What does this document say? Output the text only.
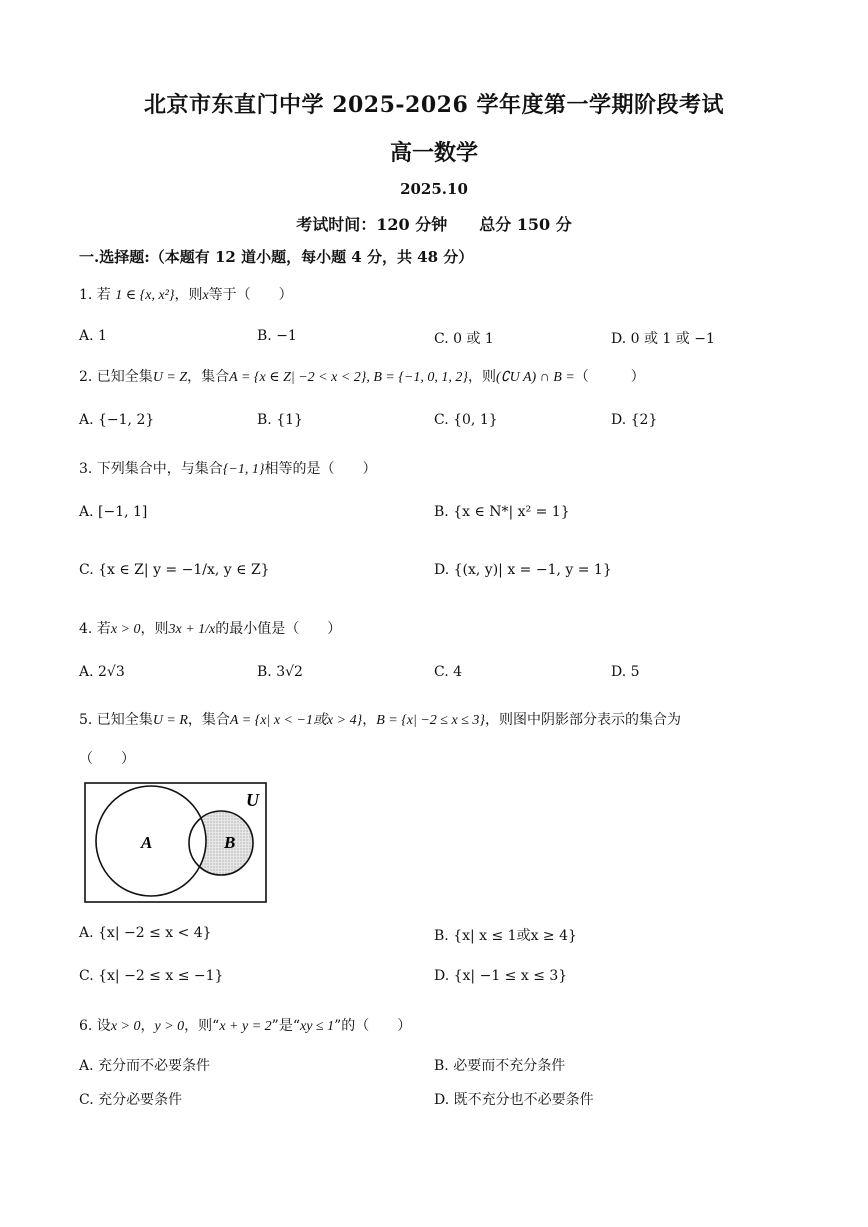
北京市东直门中学 2025-2026 学年度第一学期阶段考试
高一数学
2025.10
考试时间：120 分钟　　总分 150 分
一.选择题:（本题有 12 道小题，每小题 4 分，共 48 分）
1. 若 1 ∈ {x, x²}，则x等于（　　）
A. 1	B. −1	C. 0 或 1	D. 0 或 1 或 −1
2. 已知全集U = Z，集合A = {x ∈ Z| −2 < x < 2}, B = {−1, 0, 1, 2}，则(∁U A) ∩ B =（　　　）
A. {−1, 2}	B. {1}	C. {0, 1}	D. {2}
3. 下列集合中，与集合{−1, 1}相等的是（　　）
A. [−1, 1]	B. {x ∈ N*| x² = 1}
C. {x ∈ Z| y = −1/x, y ∈ Z}	D. {(x, y)| x = −1, y = 1}
4. 若x > 0，则3x + 1/x的最小值是（　　）
A. 2√3	B. 3√2	C. 4	D. 5
5. 已知全集U = R，集合A = {x| x < −1或x > 4}，B = {x| −2 ≤ x ≤ 3}，则图中阴影部分表示的集合为
（　　）
U
A	B
A. {x| −2 ≤ x < 4}	B. {x| x ≤ 1或x ≥ 4}
C. {x| −2 ≤ x ≤ −1}	D. {x| −1 ≤ x ≤ 3}
6. 设x > 0，y > 0，则“x + y = 2”是“xy ≤ 1”的（　　）
A. 充分而不必要条件	B. 必要而不充分条件
C. 充分必要条件	D. 既不充分也不必要条件
